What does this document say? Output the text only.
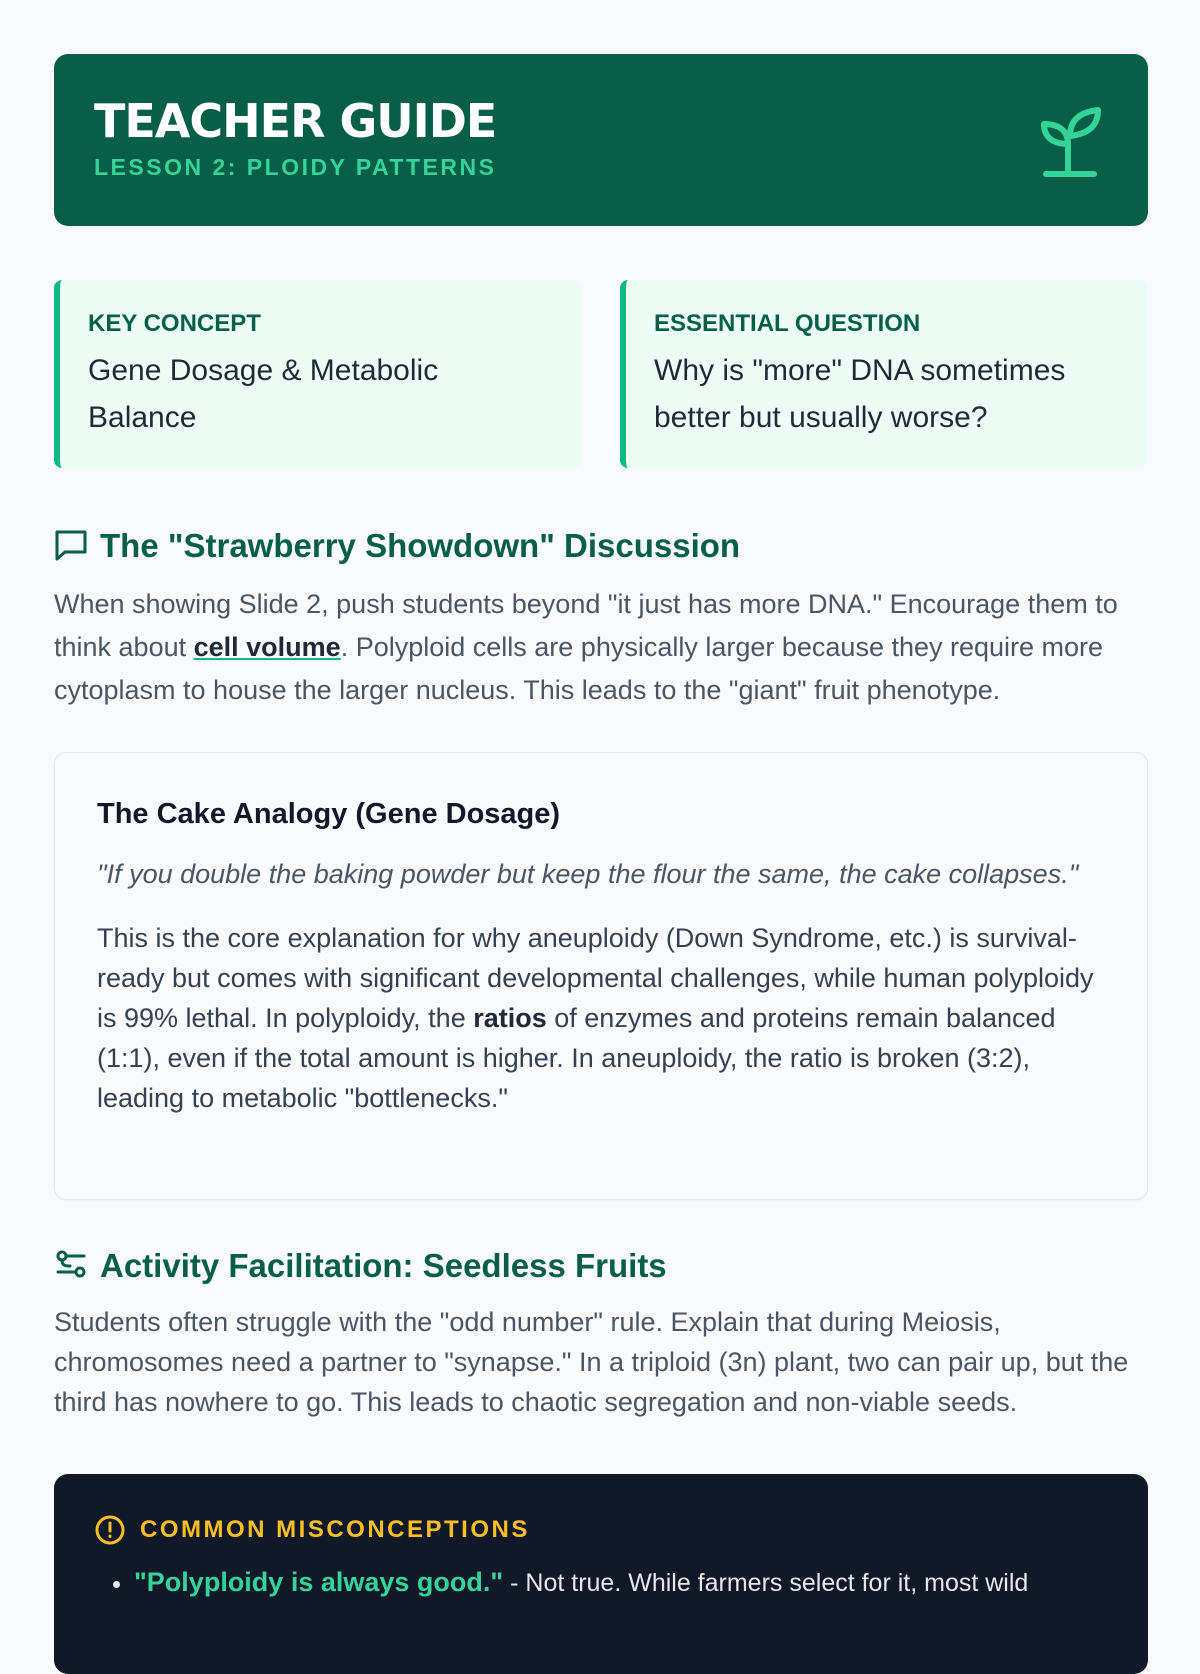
TEACHER GUIDE
LESSON 2: PLOIDY PATTERNS
KEY CONCEPT
Gene Dosage & Metabolic Balance
ESSENTIAL QUESTION
Why is "more" DNA sometimes better but usually worse?
The "Strawberry Showdown" Discussion

When showing Slide 2, push students beyond "it just has more DNA." Encourage them to think about cell volume. Polyploid cells are physically larger because they require more cytoplasm to house the larger nucleus. This leads to the "giant" fruit phenotype.

The Cake Analogy (Gene Dosage)
"If you double the baking powder but keep the flour the same, the cake collapses."
This is the core explanation for why aneuploidy (Down Syndrome, etc.) is survival-ready but comes with significant developmental challenges, while human polyploidy is 99% lethal. In polyploidy, the ratios of enzymes and proteins remain balanced (1:1), even if the total amount is higher. In aneuploidy, the ratio is broken (3:2), leading to metabolic "bottlenecks."
Activity Facilitation: Seedless Fruits

Students often struggle with the "odd number" rule. Explain that during Meiosis, chromosomes need a partner to "synapse." In a triploid (3n) plant, two can pair up, but the third has nowhere to go. This leads to chaotic segregation and non-viable seeds.

COMMON MISCONCEPTIONS
• "Polyploidy is always good." - Not true. While farmers select for it, most wild
